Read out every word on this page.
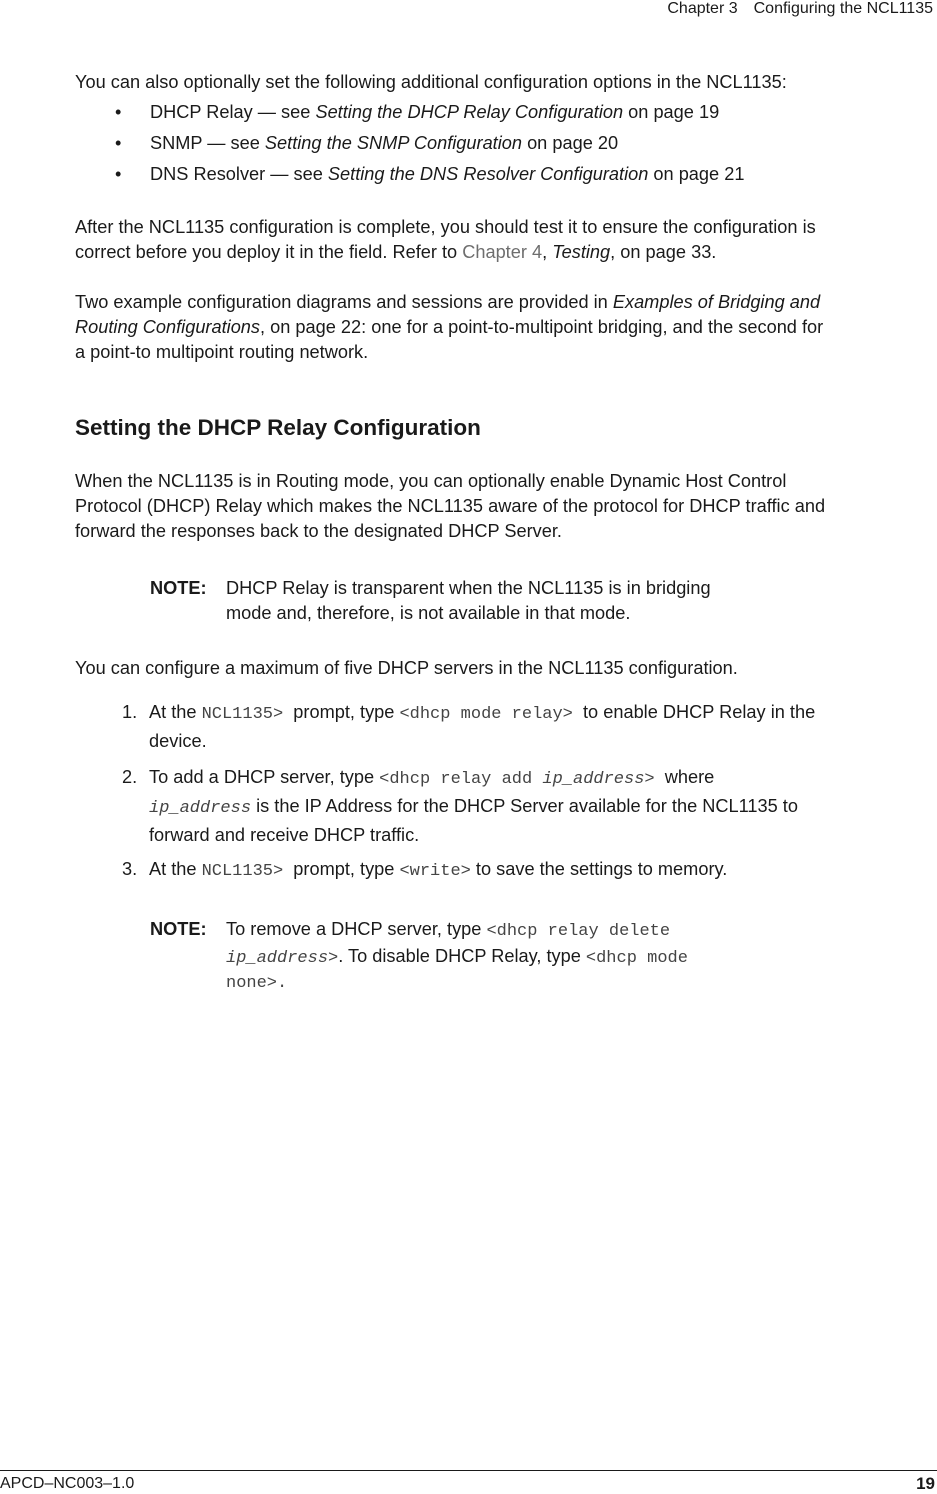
Chapter 3 Configuring the NCL1135
You can also optionally set the following additional configuration options in the NCL1135:
• DHCP Relay — see Setting the DHCP Relay Configuration on page 19
• SNMP — see Setting the SNMP Configuration on page 20
• DNS Resolver — see Setting the DNS Resolver Configuration on page 21
After the NCL1135 configuration is complete, you should test it to ensure the configuration is
correct before you deploy it in the field. Refer to Chapter 4, Testing, on page 33.
Two example configuration diagrams and sessions are provided in Examples of Bridging and
Routing Configurations, on page 22: one for a point-to-multipoint bridging, and the second for
a point-to multipoint routing network.
Setting the DHCP Relay Configuration
When the NCL1135 is in Routing mode, you can optionally enable Dynamic Host Control
Protocol (DHCP) Relay which makes the NCL1135 aware of the protocol for DHCP traffic and
forward the responses back to the designated DHCP Server.
NOTE: DHCP Relay is transparent when the NCL1135 is in bridging
mode and, therefore, is not available in that mode.
You can configure a maximum of five DHCP servers in the NCL1135 configuration.
1. At the NCL1135>  prompt, type <dhcp mode relay>  to enable DHCP Relay in the
device.
2. To add a DHCP server, type <dhcp relay add ip_address>  where
ip_address is the IP Address for the DHCP Server available for the NCL1135 to
forward and receive DHCP traffic.
3. At the NCL1135>  prompt, type <write> to save the settings to memory.
NOTE: To remove a DHCP server, type <dhcp relay delete
ip_address>. To disable DHCP Relay, type <dhcp mode
none>.
APCD–NC003–1.0	19
